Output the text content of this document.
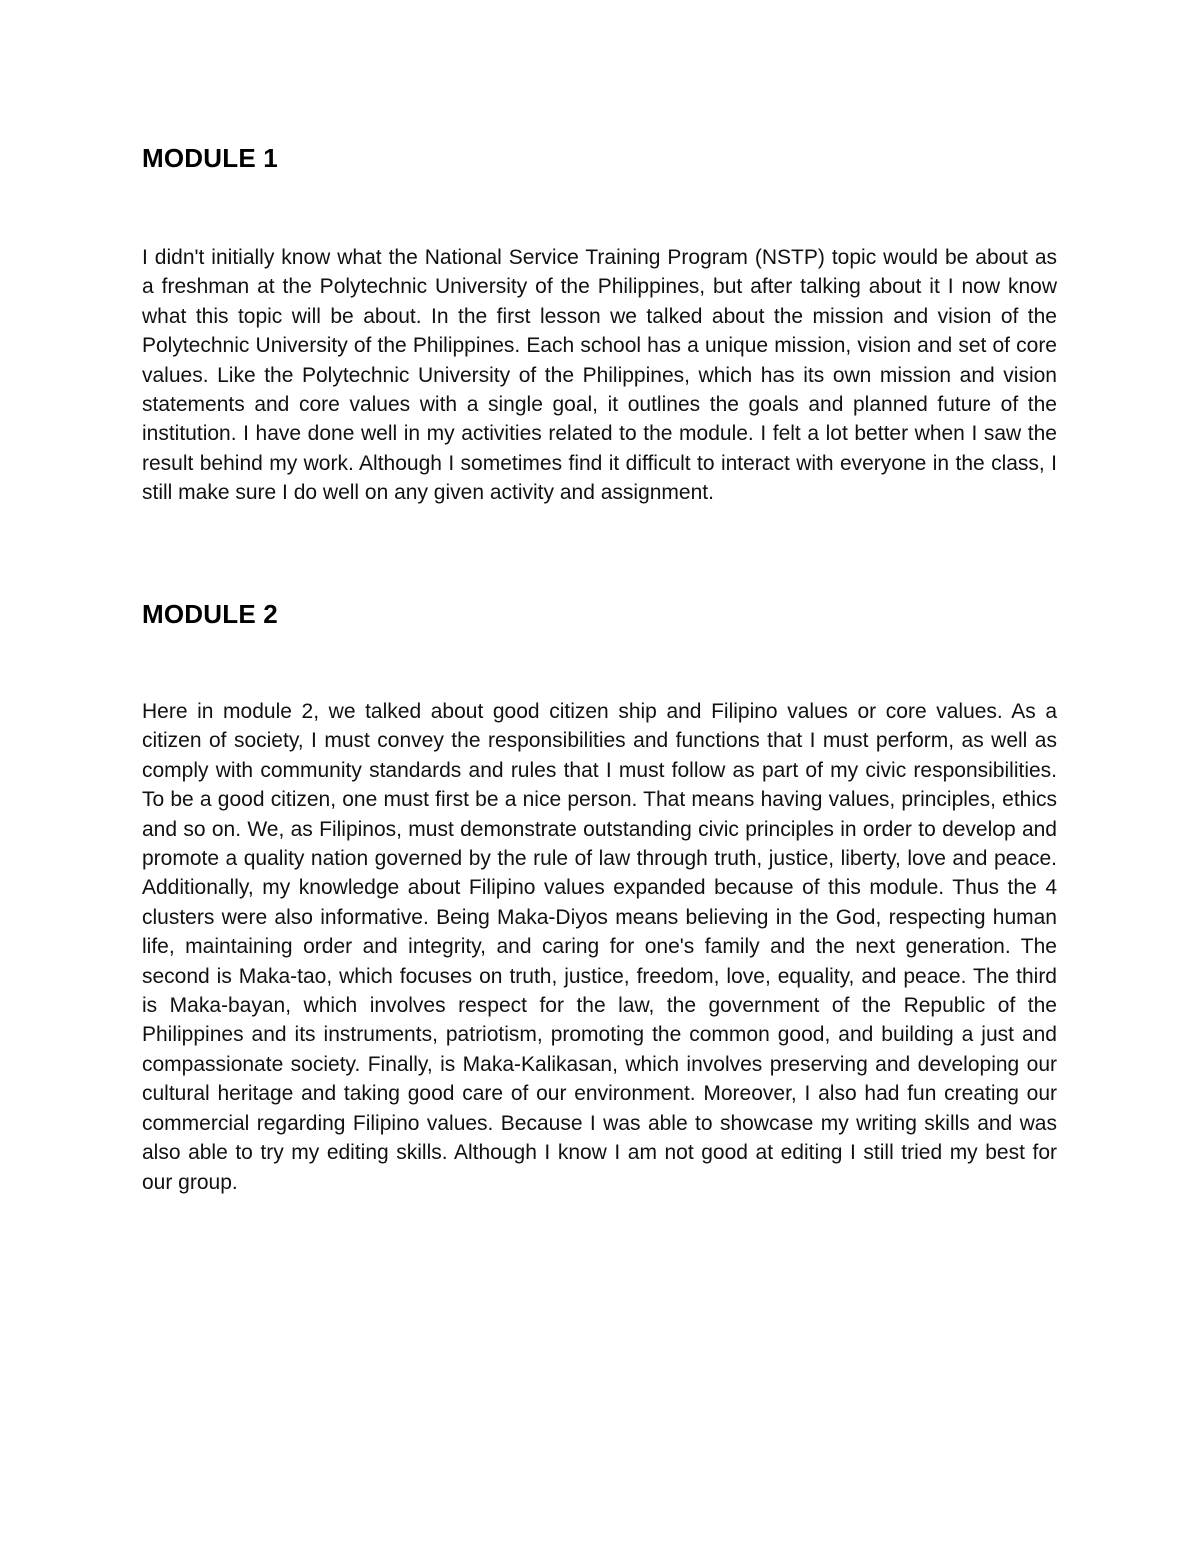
MODULE 1

I didn't initially know what the National Service Training Program (NSTP) topic would be about as a freshman at the Polytechnic University of the Philippines, but after talking about it I now know what this topic will be about. In the first lesson we talked about the mission and vision of the Polytechnic University of the Philippines. Each school has a unique mission, vision and set of core values. Like the Polytechnic University of the Philippines, which has its own mission and vision statements and core values with a single goal, it outlines the goals and planned future of the institution. I have done well in my activities related to the module. I felt a lot better when I saw the result behind my work. Although I sometimes find it difficult to interact with everyone in the class, I still make sure I do well on any given activity and assignment.

MODULE 2

Here in module 2, we talked about good citizen ship and Filipino values or core values. As a citizen of society, I must convey the responsibilities and functions that I must perform, as well as comply with community standards and rules that I must follow as part of my civic responsibilities. To be a good citizen, one must first be a nice person. That means having values, principles, ethics and so on. We, as Filipinos, must demonstrate outstanding civic principles in order to develop and promote a quality nation governed by the rule of law through truth, justice, liberty, love and peace. Additionally, my knowledge about Filipino values expanded because of this module. Thus the 4 clusters were also informative. Being Maka-Diyos means believing in the God, respecting human life, maintaining order and integrity, and caring for one's family and the next generation. The second is Maka-tao, which focuses on truth, justice, freedom, love, equality, and peace. The third is Maka-bayan, which involves respect for the law, the government of the Republic of the Philippines and its instruments, patriotism, promoting the common good, and building a just and compassionate society. Finally, is Maka-Kalikasan, which involves preserving and developing our cultural heritage and taking good care of our environment. Moreover, I also had fun creating our commercial regarding Filipino values. Because I was able to showcase my writing skills and was also able to try my editing skills. Although I know I am not good at editing I still tried my best for our group.
